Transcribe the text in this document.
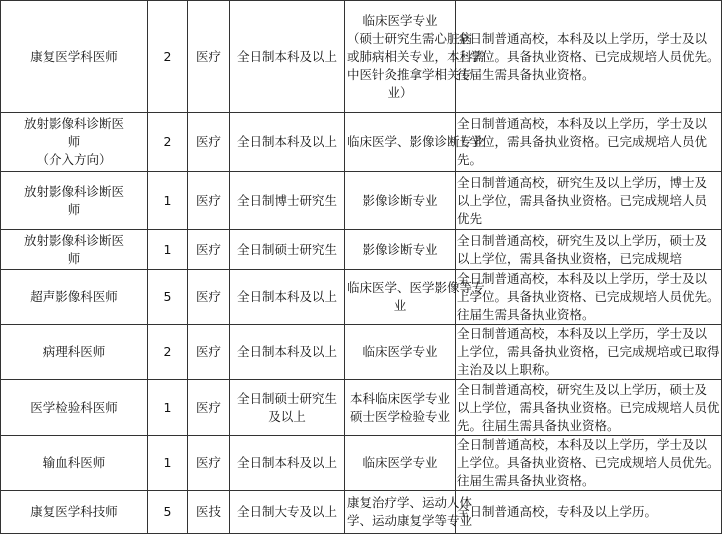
康复医学科医师	2	医疗	全日制本科及以上	临床医学专业
（硕士研究生需心脏病
或肺病相关专业，本科需
中医针灸推拿学相关专
业）	全日制普通高校，本科及以上学历，学士及以
上学位。具备执业资格、已完成规培人员优先。
往届生需具备执业资格。

放射影像科诊断医
师
（介入方向）	2	医疗	全日制本科及以上	临床医学、影像诊断专业	全日制普通高校，本科及以上学历，学士及以
上学位，需具备执业资格。已完成规培人员优
先。

放射影像科诊断医
师	1	医疗	全日制博士研究生	影像诊断专业	全日制普通高校，研究生及以上学历，博士及
以上学位，需具备执业资格。已完成规培人员
优先

放射影像科诊断医
师	1	医疗	全日制硕士研究生	影像诊断专业	全日制普通高校，研究生及以上学历，硕士及
以上学位，需具备执业资格，已完成规培

超声影像科医师	5	医疗	全日制本科及以上	临床医学、医学影像等专
业	全日制普通高校，本科及以上学历，学士及以
上学位。具备执业资格、已完成规培人员优先。
往届生需具备执业资格。

病理科医师	2	医疗	全日制本科及以上	临床医学专业	全日制普通高校，本科及以上学历，学士及以
上学位，需具备执业资格，已完成规培或已取得
主治及以上职称。

医学检验科医师	1	医疗	全日制硕士研究生
及以上	本科临床医学专业
硕士医学检验专业	全日制普通高校，研究生及以上学历，硕士及
以上学位，需具备执业资格。已完成规培人员优
先。往届生需具备执业资格。

输血科医师	1	医疗	全日制本科及以上	临床医学专业	全日制普通高校，本科及以上学历，学士及以
上学位。具备执业资格、已完成规培人员优先。
往届生需具备执业资格。

康复医学科技师	5	医技	全日制大专及以上	康复治疗学、运动人体
学、运动康复学等专业	全日制普通高校，专科及以上学历。
